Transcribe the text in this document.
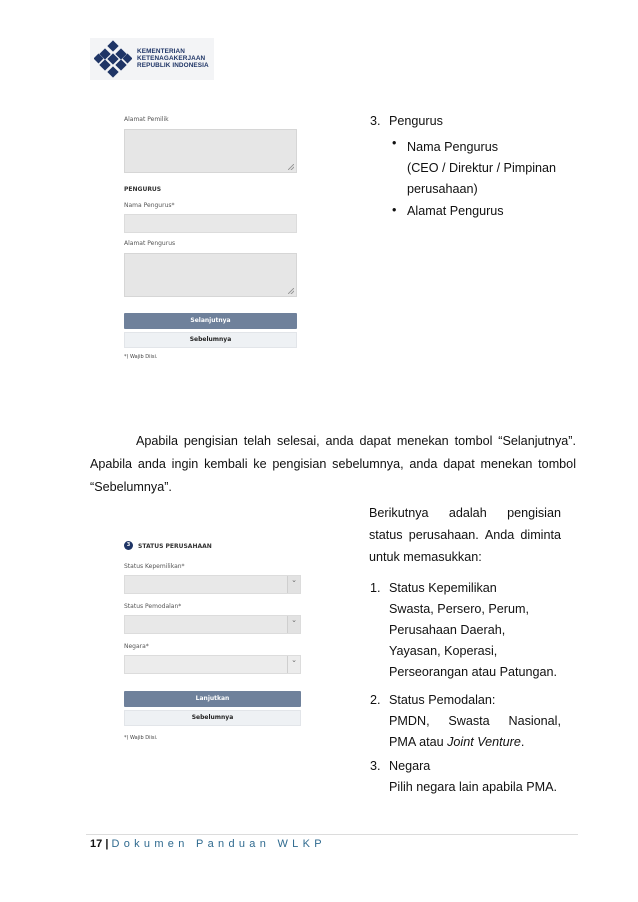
KEMENTERIAN
KETENAGAKERJAAN
REPUBLIK INDONESIA
Alamat Pemilik
PENGURUS
Nama Pengurus*
Alamat Pengurus
Selanjutnya
Sebelumnya
*) Wajib Diisi.
3. Pengurus
• Nama Pengurus
(CEO / Direktur / Pimpinan
perusahaan)
• Alamat Pengurus
Apabila pengisian telah selesai, anda dapat menekan tombol “Selanjutnya”.
Apabila anda ingin kembali ke pengisian sebelumnya, anda dapat menekan tombol
“Sebelumnya”.
Berikutnya adalah pengisian
status perusahaan. Anda diminta
untuk memasukkan:
3	STATUS PERUSAHAAN
Status Kepemilikan*
⌄
Status Pemodalan*
⌄
Negara*
⌄
Lanjutkan
Sebelumnya
*) Wajib Diisi.
1. Status Kepemilikan
Swasta, Persero, Perum,
Perusahaan Daerah,
Yayasan, Koperasi,
Perseorangan atau Patungan.
2. Status Pemodalan:
PMDN, Swasta Nasional,
PMA atau Joint Venture.
3. Negara
Pilih negara lain apabila PMA.
17 | Dokumen Panduan WLKP
